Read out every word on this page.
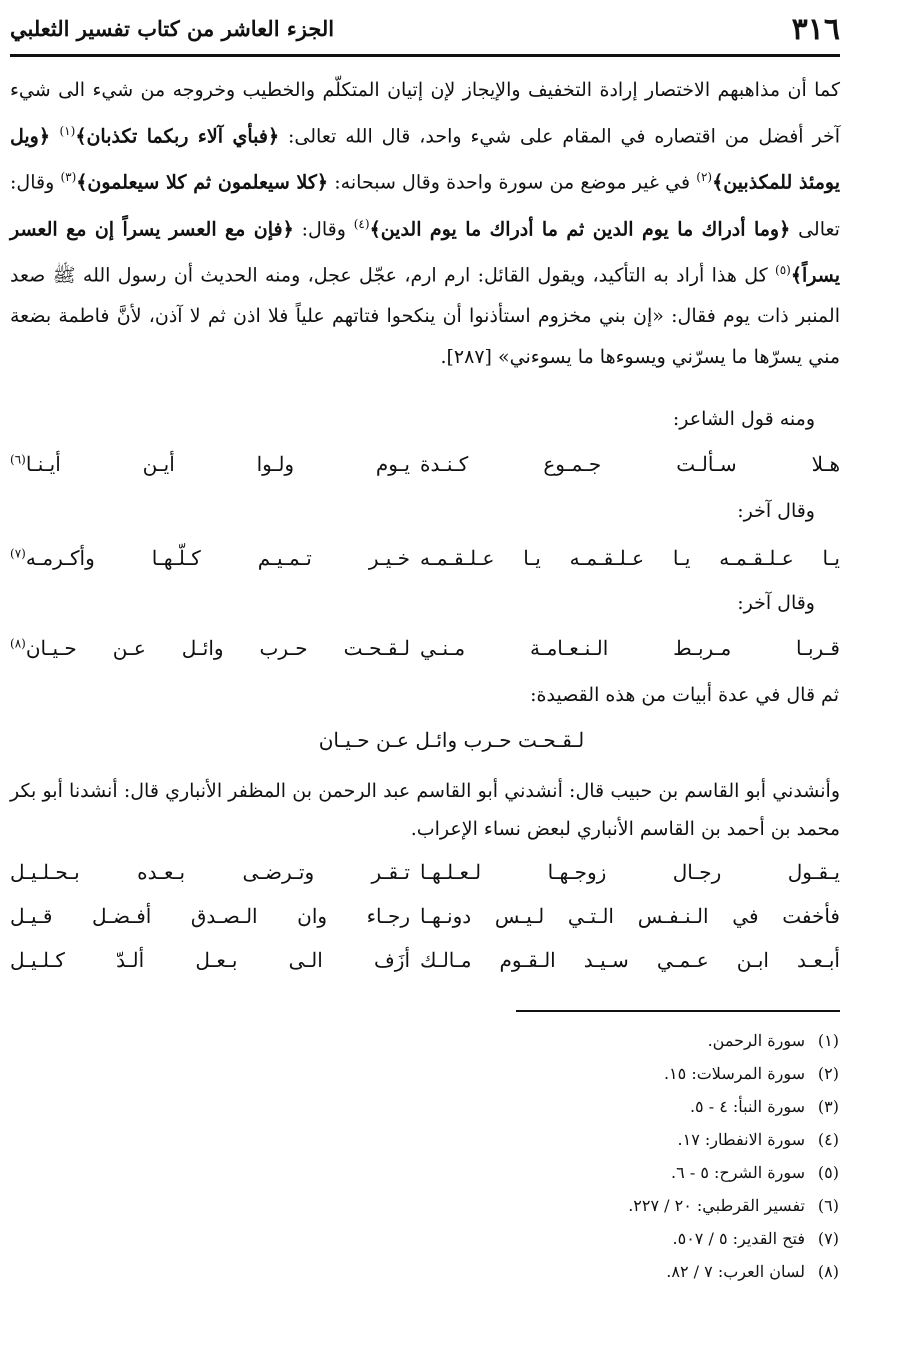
٣١٦
الجزء العاشر من كتاب تفسير الثعلبي
كما أن مذاهبهم الاختصار إرادة التخفيف والإيجاز لإن إتيان المتكلّم والخطيب وخروجه من شيء الى شيء آخر أفضل من اقتصاره في المقام على شيء واحد، قال الله تعالى: ﴿فبأي آلاء ربكما تكذبان﴾$^{(١)}$ ﴿ويل يومئذ للمكذبين﴾$^{(٢)}$ في غير موضع من سورة واحدة وقال سبحانه: ﴿كلا سيعلمون ثم كلا سيعلمون﴾$^{(٣)}$ وقال: تعالى ﴿وما أدراك ما يوم الدين ثم ما أدراك ما يوم الدين﴾$^{(٤)}$ وقال: ﴿فإن مع العسر يسراً إن مع العسر يسراً﴾$^{(٥)}$ كل هذا أراد به التأكيد، ويقول القائل: ارم ارم، عجّل عجل، ومنه الحديث أن رسول الله ﷺ صعد المنبر ذات يوم فقال: «إن بني مخزوم استأذنوا أن ينكحوا فتاتهم علياً فلا اذن ثم لا آذن، لأنَّ فاطمة بضعة مني يسرّها ما يسرّني ويسوءها ما يسوءني» [٢٨٧].
ومنه قول الشاعر:
هـلا سـألـت جـمـوع كـنـدة
يـوم ولـوا أيـن أيـنـا$^{(٦)}$
وقال آخر:
يـا عـلـقـمـه يـا عـلـقـمـه يـا عـلـقـمـه
خـيـر تـمـيـم كـلّـهـا وأكـرمـه$^{(٧)}$
وقال آخر:
قـربـا مـربـط الـنـعـامـة مـنـي
لـقـحـت حـرب وائـل عـن حـيـان$^{(٨)}$
ثم قال في عدة أبيات من هذه القصيدة:
لـقـحـت حـرب وائـل عـن حـيـان
وأنشدني أبو القاسم بن حبيب قال: أنشدني أبو القاسم عبد الرحمن بن المظفر الأنباري قال: أنشدنا أبو بكر محمد بن أحمد بن القاسم الأنباري لبعض نساء الإعراب.
يـقـول رجـال زوجـهـا لـعـلـهـا
تـقـر وتـرضـى بـعـده بـحـلـيـل
فأخفت في الـنـفـس الـتـي لـيـس دونـهـا
رجـاء وان الـصـدق أفـضـل قـيـل
أبـعـد ابـن عـمـي سـيـد الـقـوم مـالـك
أزَف الـى بـعـل ألـدّ كـلـيـل
(١)سورة الرحمن.
(٢)سورة المرسلات: ١٥.
(٣)سورة النبأ: ٤ - ٥.
(٤)سورة الانفطار: ١٧.
(٥)سورة الشرح: ٥ - ٦.
(٦)تفسير القرطبي: ٢٠ / ٢٢٧.
(٧)فتح القدير: ٥ / ٥٠٧.
(٨)لسان العرب: ٧ / ٨٢.
